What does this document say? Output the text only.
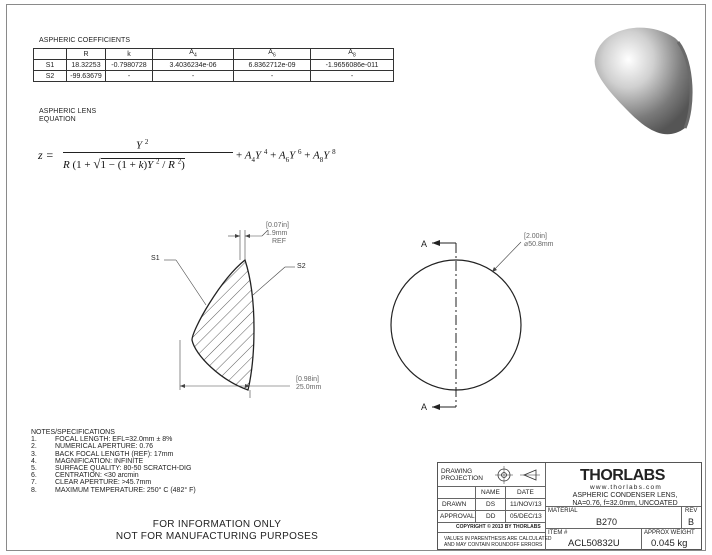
ASPHERIC COEFFICIENTS
	R	k	$A_4$	$A_6$	$A_8$
S1	18.32253	-0.7980728	3.4036234e-06	6.8362712e-09	-1.9656086e-011
S2	-99.63679	-	-	-	-
ASPHERIC LENS
EQUATION
z =
Y $^2$
R (1 + √1 − (1 + k)Y $^2$ / R $^2$)
+ $A_4Y$ $^4 + A_6Y$ $^6 + A_8Y$ $^8$
[0.07in]
1.9mm
REF
S1
S2
[0.98in]
25.0mm
A
A
[2.00in]
⌀50.8mm
NOTES/SPECIFICATIONS
1.	FOCAL LENGTH: EFL=32.0mm ± 8%
2.	NUMERICAL APERTURE: 0.76
3.	BACK FOCAL LENGTH (REF): 17mm
4.	MAGNIFICATION: INFINITE
5.	SURFACE QUALITY: 80-50 SCRATCH-DIG
6.	CENTRATION: <30 arcmin
7.	CLEAR APERTURE: >45.7mm
8.	MAXIMUM TEMPERATURE: 250° C (482° F)
FOR INFORMATION ONLY
NOT FOR MANUFACTURING PURPOSES
DRAWING
PROJECTION
NAME	DATE
DRAWN	DS 11/NOV/13
APPROVAL DD 05/DEC/13
COPYRIGHT © 2013 BY THORLABS
VALUES IN PARENTHESIS ARE CALCULATED
AND MAY CONTAIN ROUNDOFF ERRORS
THORLABS
www.thorlabs.com
ASPHERIC CONDENSER LENS,
NA=0.76, f=32.0mm, UNCOATED
MATERIAL
B270
REV
B
ITEM #
ACL50832U
APPROX WEIGHT
0.045 kg
